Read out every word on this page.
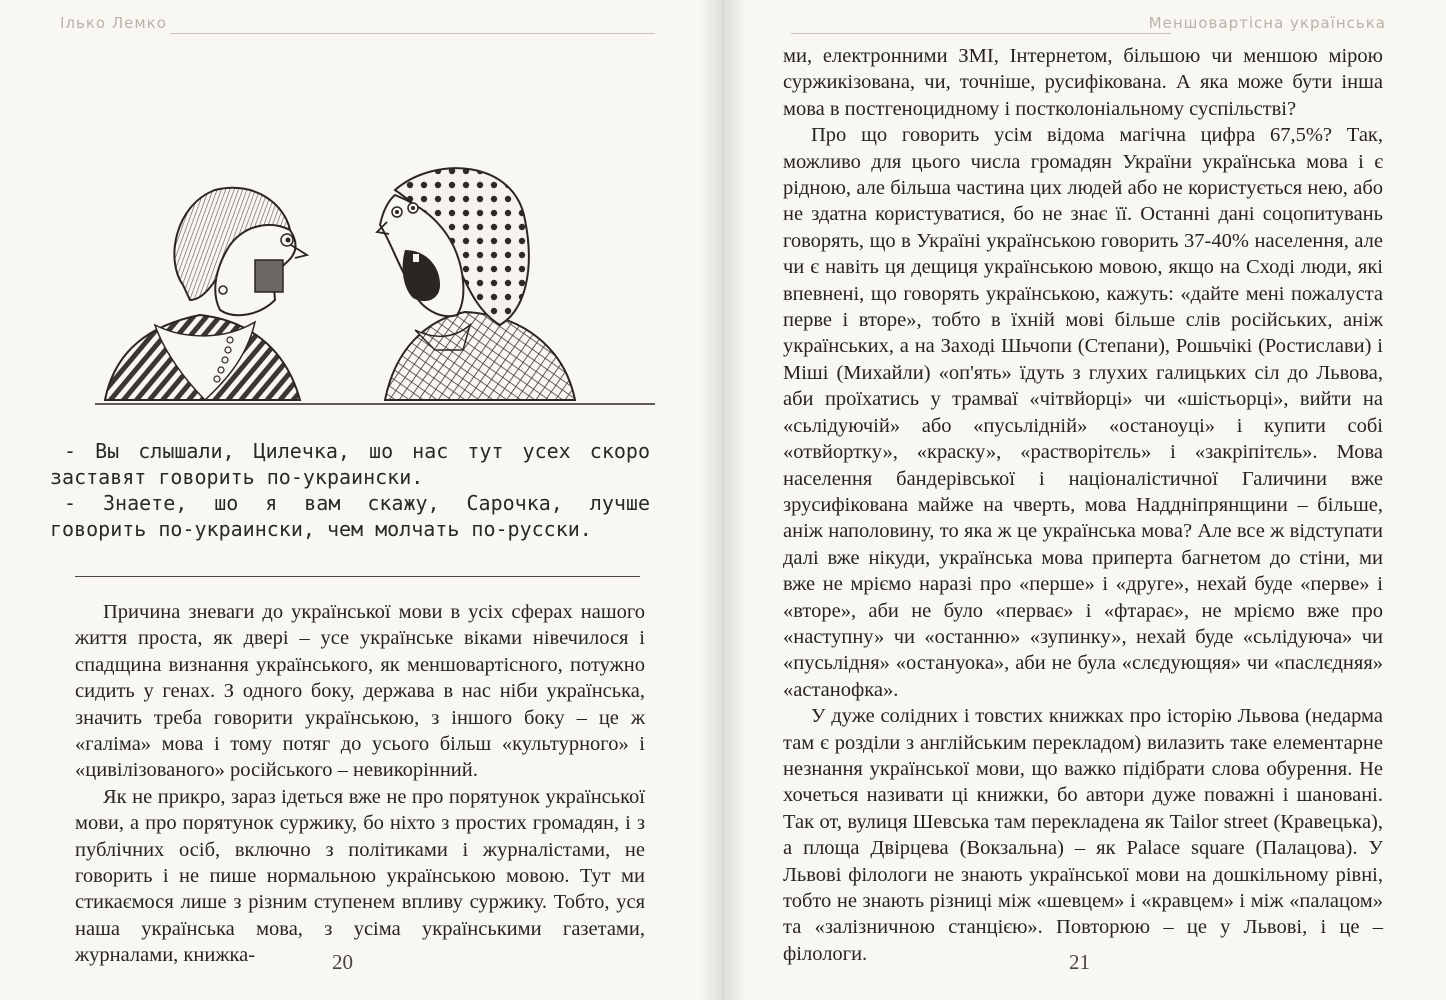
Ілько Лемко

- Вы слышали, Цилечка, шо нас тут усех скоро заставят говорить по-украински.

- Знаете, шо я вам скажу, Сарочка, лучше говорить по-украински, чем молчать по-русски.

Причина зневаги до української мови в усіх сферах нашого життя проста, як двері – усе українське віками нівечилося і спадщина визнання українського, як меншовартісного, потужно сидить у генах. З одного боку, держава в нас ніби українська, значить треба говорити українською, з іншого боку – це ж «галіма» мова і тому потяг до усього більш «культурного» і «цивілізованого» російського – невикорінний.

Як не прикро, зараз ідеться вже не про порятунок української мови, а про порятунок суржику, бо ніхто з простих громадян, і з публічних осіб, включно з політиками і журналістами, не говорить і не пише нормальною українською мовою. Тут ми стикаємося лише з різним ступенем впливу суржику. Тобто, уся наша українська мова, з усіма українськими газетами, журналами, книжка-	20
Меншовартісна українська

ми, електронними ЗМІ, Інтернетом, більшою чи меншою мірою суржикізована, чи, точніше, русифікована. А яка може бути інша мова в постгеноцидному і постколоніальному суспільстві?

Про що говорить усім відома магічна цифра 67,5%? Так, можливо для цього числа громадян України українська мова і є рідною, але більша частина цих людей або не користується нею, або не здатна користуватися, бо не знає її. Останні дані соцопитувань говорять, що в Україні українською говорить 37-40% населення, але чи є навіть ця дещиця українською мовою, якщо на Сході люди, які впевнені, що говорять українською, кажуть: «дайте мені пожалуста перве і вторе», тобто в їхній мові більше слів російських, аніж українських, а на Заході Шьчопи (Степани), Рошьчікі (Ростислави) і Міші (Михайли) «оп'ять» їдуть з глухих галицьких сіл до Львова, аби проїхатись у трамваї «чітвйорці» чи «шістьорці», вийти на «сьлідуючій» або «пусьлідній» «останоуці» і купити собі «отвйортку», «краску», «растворітєль» і «закріпітєль». Мова населення бандерівської і націоналістичної Галичини вже зрусифікована майже на чверть, мова Наддніпрянщини – більше, аніж наполовину, то яка ж це українська мова? Але все ж відступати далі вже нікуди, українська мова приперта багнетом до стіни, ми вже не мріємо наразі про «перше» і «друге», нехай буде «перве» і «вторе», аби не було «перває» і «фтарає», не мріємо вже про «наступну» чи «останню» «зупинку», нехай буде «сьлідуюча» чи «пусьлідня» «остануока», аби не була «слєдующяя» чи «паслєдняя» «астанофка».

У дуже солідних і товстих книжках про історію Львова (недарма там є розділи з англійським перекладом) вилазить таке елементарне незнання української мови, що важко підібрати слова обурення. Не хочеться називати ці книжки, бо автори дуже поважні і шановані. Так от, вулиця Шевська там перекладена як Tailor street (Кравецька), а площа Двірцева (Вокзальна) – як Palace square (Палацова). У Львові філологи не знають української мови на дошкільному рівні, тобто не знають різниці між «шевцем» і «кравцем» і між «палацом» та «залізничною станцією». Повторюю – це у Львові, і це – філологи.	21
